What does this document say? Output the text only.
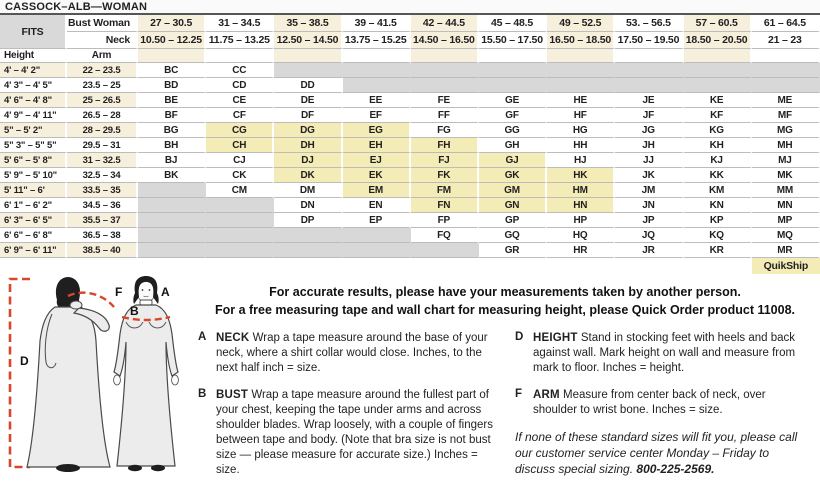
CASSOCK–ALB—WOMAN
FITS	Bust Woman	27 – 30.5	31 – 34.5	35 – 38.5	39 – 41.5	42 – 44.5	45 – 48.5	49 – 52.5	53. – 56.5	57 – 60.5	61 – 64.5
	Neck	10.50 – 12.25	11.75 – 13.25	12.50 – 14.50	13.75 – 15.25	14.50 – 16.50	15.50 – 17.50	16.50 – 18.50	17.50 – 19.50	18.50 – 20.50	21 – 23
Height	Arm										
4' – 4' 2"	22 – 23.5	BC	CC								
4' 3" – 4' 5"	23.5 – 25	BD	CD	DD							
4' 6" – 4' 8"	25 – 26.5	BE	CE	DE	EE	FE	GE	HE	JE	KE	ME
4' 9" – 4' 11"	26.5 – 28	BF	CF	DF	EF	FF	GF	HF	JF	KF	MF
5" – 5' 2"	28 – 29.5	BG	CG	DG	EG	FG	GG	HG	JG	KG	MG
5" 3" – 5" 5"	29.5 – 31	BH	CH	DH	EH	FH	GH	HH	JH	KH	MH
5' 6" – 5' 8"	31 – 32.5	BJ	CJ	DJ	EJ	FJ	GJ	HJ	JJ	KJ	MJ
5' 9" – 5' 10"	32.5 – 34	BK	CK	DK	EK	FK	GK	HK	JK	KK	MK
5' 11" – 6'	33.5 – 35		CM	DM	EM	FM	GM	HM	JM	KM	MM
6' 1" – 6' 2"	34.5 – 36			DN	EN	FN	GN	HN	JN	KN	MN
6' 3" – 6' 5"	35.5 – 37			DP	EP	FP	GP	HP	JP	KP	MP
6' 6" – 6' 8"	36.5 – 38					FQ	GQ	HQ	JQ	KQ	MQ
6' 9" – 6' 11"	38.5 – 40						GR	HR	JR	KR	MR
											QuikShip
D
F	A
B
For accurate results, please have your measurements taken by another person.
For a free measuring tape and wall chart for measuring height, please Quick Order product 11008.
A NECK Wrap a tape measure around the base of your neck, where a shirt collar would close. Inches, to the next half inch = size.

B BUST Wrap a tape measure around the fullest part of your chest, keeping the tape under arms and across shoulder blades. Wrap loosely, with a couple of fingers between tape and body. (Note that bra size is not bust size — please measure for accurate size.) Inches = size.

D HEIGHT Stand in stocking feet with heels and back against wall. Mark height on wall and measure from mark to floor. Inches = height.

F ARM Measure from center back of neck, over shoulder to wrist bone. Inches = size.

If none of these standard sizes will fit you, please call our customer service center Monday – Friday to discuss special sizing. 800-225-2569.
